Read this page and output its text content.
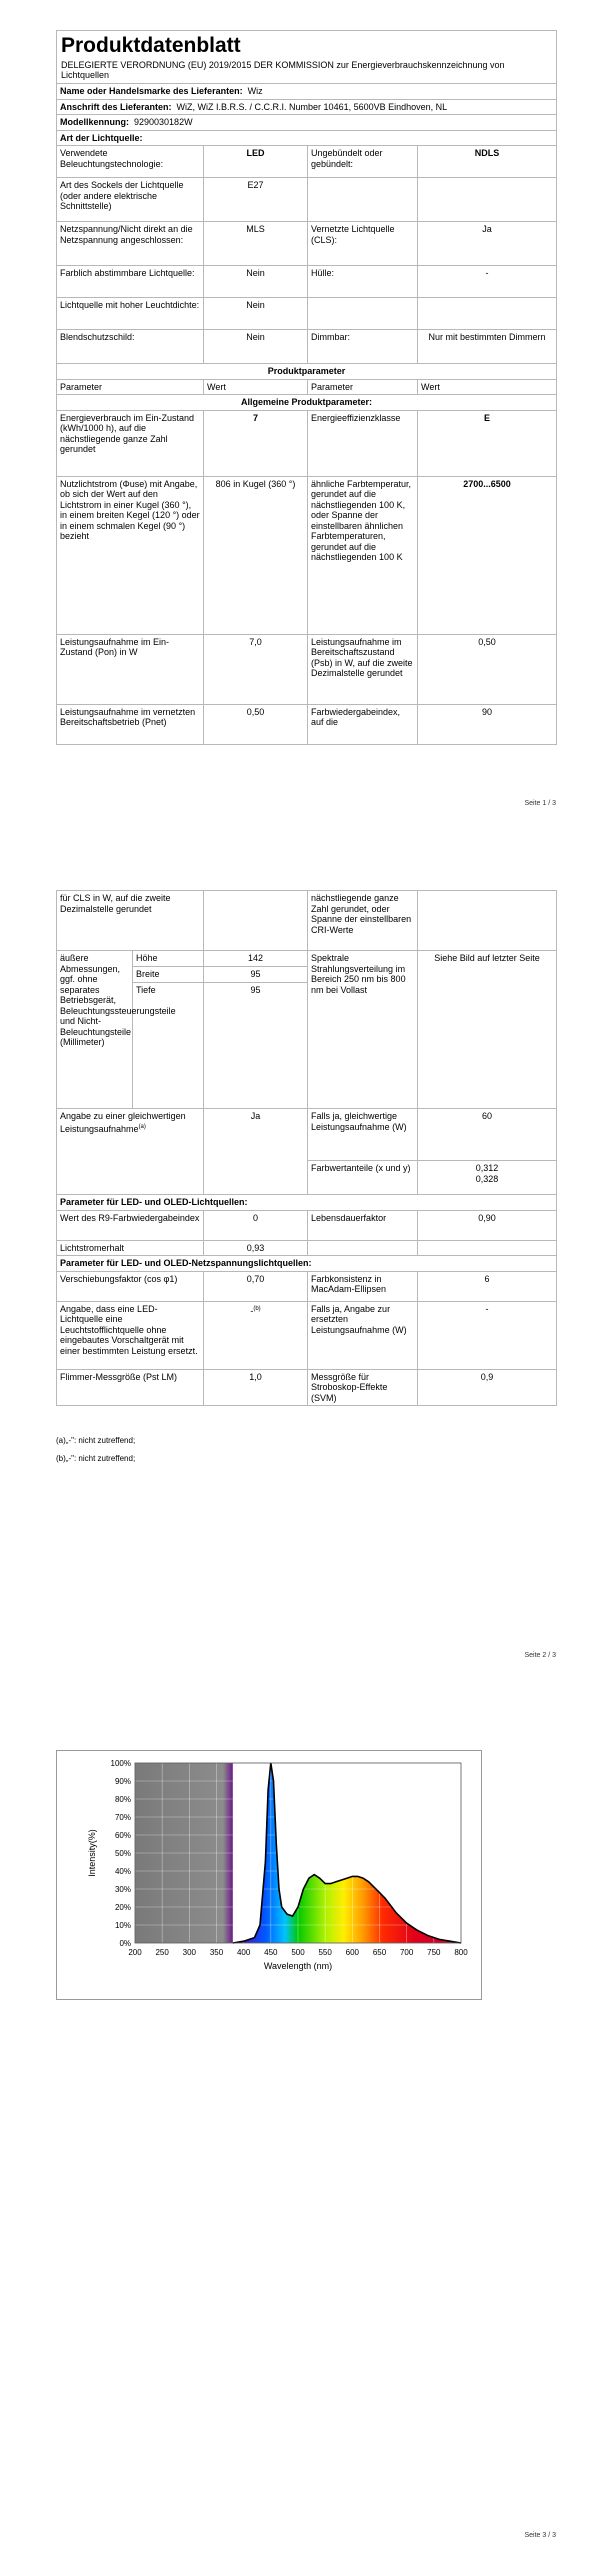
Produktdatenblatt
DELEGIERTE VERORDNUNG (EU) 2019/2015 DER KOMMISSION zur Energieverbrauchskennzeichnung von Lichtquellen			

Name oder Handelsmarke des Lieferanten: Wiz			
Anschrift des Lieferanten: WiZ, WiZ I.B.R.S. / C.C.R.I. Number 10461, 5600VB Eindhoven, NL			
Modellkennung: 9290030182W			
Art der Lichtquelle:			
Verwendete Beleuchtungstechnologie:	LED	Ungebündelt oder gebündelt:	NDLS
Art des Sockels der Lichtquelle (oder andere elektrische Schnittstelle)	E27		
Netzspannung/Nicht direkt an die Netzspannung angeschlossen:	MLS	Vernetzte Lichtquelle (CLS):	Ja
Farblich abstimmbare Lichtquelle:	Nein	Hülle:	-
Lichtquelle mit hoher Leuchtdichte:	Nein		
Blendschutzschild:	Nein	Dimmbar:	Nur mit bestimmten Dimmern
Produktparameter			
Parameter	Wert	Parameter	Wert
Allgemeine Produktparameter:			
Energieverbrauch im Ein-Zustand (kWh/1000 h), auf die nächstliegende ganze Zahl gerundet	7	Energieeffizienzklasse	E
Nutzlichtstrom (Φuse) mit Angabe, ob sich der Wert auf den Lichtstrom in einer Kugel (360 °), in einem breiten Kegel (120 °) oder in einem schmalen Kegel (90 °) bezieht	806 in Kugel (360 °)	ähnliche Farbtemperatur, gerundet auf die nächstliegenden 100 K, oder Spanne der einstellbaren ähnlichen Farbtemperaturen, gerundet auf die nächstliegenden 100 K	2700...6500
Leistungsaufnahme im Ein-Zustand (Pon) in W	7,0	Leistungsaufnahme im Bereitschaftszustand (Psb) in W, auf die zweite Dezimalstelle gerundet	0,50
Leistungsaufnahme im vernetzten Bereitschaftsbetrieb (Pnet)	0,50	Farbwiedergabeindex, auf die	90
Seite 1 / 3
für CLS in W, auf die zweite Dezimalstelle gerundet			nächstliegende ganze Zahl gerundet, oder Spanne der einstellbaren CRI-Werte	
äußere Abmessungen, ggf. ohne separates Betriebsgerät, Beleuchtungssteuerungsteile und Nicht-Beleuchtungsteile (Millimeter)	Höhe	142	Spektrale Strahlungsverteilung im Bereich 250 nm bis 800 nm bei Vollast	Siehe Bild auf letzter Seite
	Breite	95		
	Tiefe	95		
Angabe zu einer gleichwertigen Leistungsaufnahme$^{(a)}$		Ja	Falls ja, gleichwertige Leistungsaufnahme (W)	60
			Farbwertanteile (x und y)	0,312
0,328

Parameter für LED- und OLED-Lichtquellen:				
Wert des R9-Farbwiedergabeindex		0	Lebensdauerfaktor	0,90
Lichtstromerhalt		0,93		
Parameter für LED- und OLED-Netzspannungslichtquellen:				
Verschiebungsfaktor (cos φ1)		0,70	Farbkonsistenz in MacAdam-Ellipsen	6
Angabe, dass eine LED-Lichtquelle eine Leuchtstofflichtquelle ohne eingebautes Vorschaltgerät mit einer bestimmten Leistung ersetzt.		-$^{(b)}$	Falls ja, Angabe zur ersetzten Leistungsaufnahme (W)	-
Flimmer-Messgröße (Pst LM)		1,0	Messgröße für Stroboskop-Effekte (SVM)	0,9
(a)„-": nicht zutreffend;
(b)„-": nicht zutreffend;
Seite 2 / 3
0%
10%
20%
30%
40%
50%
60%
70%
80%
90%
100%
200 250 300 350 400 450 500 550 600 650 700 750 800
Wavelength (nm)
Intensity(%)
Seite 3 / 3
